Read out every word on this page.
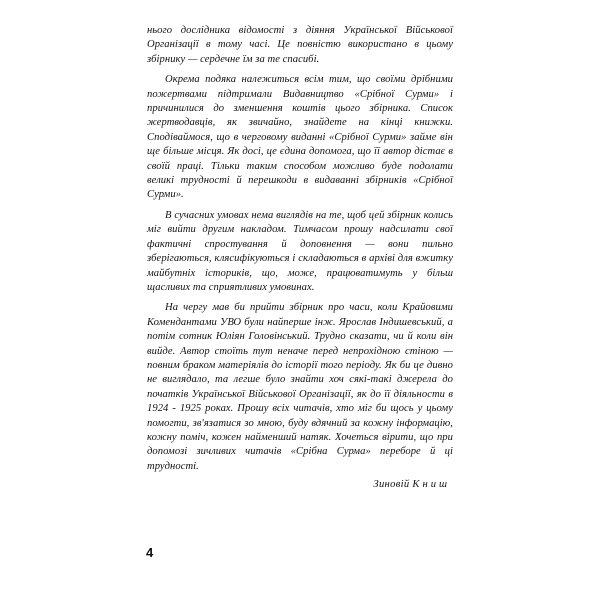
нього дослідника відомості з діяння Української Військової Організації в тому часі. Це повністю використано в цьому збірнику — сердечне їм за те спасибі.

Окрема подяка належиться всім тим, що своїми дрібними пожертвами підтримали Видавництво «Срібної Сурми» і причинилися до зменшення коштів цього збірника. Список жертводавців, як звичайно, знайдете на кінці книжки. Сподіваймося, що в черговому виданні «Срібної Сурми» займе він ще більше місця. Як досі, це єдина допомога, що її автор дістає в своїй праці. Тільки таким способом можливо буде подолати великі трудності й перешкоди в видаванні збірників «Срібної Сурми».

В сучасних умовах нема виглядів на те, щоб цей збірник колись міг вийти другим накладом. Тимчасом прошу надсилати свої фактичні спростування й доповнення — вони пильно зберігаються, клясифікуються і складаються в архіві для вжитку майбутніх істориків, що, може, працюватимуть у більш щасливих та сприятливих умовинах.

На чергу мав би прийти збірник про часи, коли Крайовими Комендантами УВО були найперше інж. Ярослав Індишевський, а потім сотник Юліян Головінський. Трудно сказати, чи й коли він вийде. Автор стоїть тут неначе перед непрохідною стіною — повним браком матеріялів до історії того періоду. Як би це дивно не виглядало, та легше було знайти хоч сякі-такі джерела до початків Української Військової Організації, як до її діяльности в 1924 - 1925 роках. Прошу всіх читачів, хто міг би щось у цьому помогти, зв'язатися зо мною, буду вдячний за кожну інформацію, кожну поміч, кожен найменший натяк. Хочеться вірити, що при допомозі зичливих читачів «Срібна Сурма» переборе й ці трудності.

Зиновій Книш
4
